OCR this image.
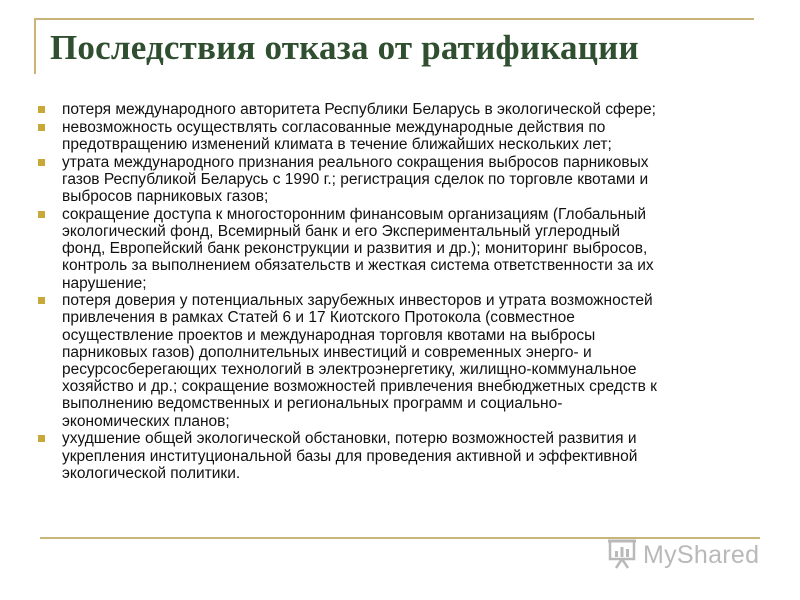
Последствия отказа от ратификации
потеря международного авторитета Республики Беларусь в экологической сфере;
невозможность осуществлять согласованные международные действия по
предотвращению изменений климата в течение ближайших нескольких лет;
утрата международного признания реального сокращения выбросов парниковых
газов Республикой Беларусь с 1990 г.; регистрация сделок по торговле квотами и
выбросов парниковых газов;
сокращение доступа к многосторонним финансовым организациям (Глобальный
экологический фонд, Всемирный банк и его Экспериментальный углеродный
фонд, Европейский банк реконструкции и развития и др.); мониторинг выбросов,
контроль за выполнением обязательств и жесткая система ответственности за их
нарушение;
потеря доверия у потенциальных зарубежных инвесторов и утрата возможностей
привлечения в рамках Статей 6 и 17 Киотского Протокола (совместное
осуществление проектов и международная торговля квотами на выбросы
парниковых газов) дополнительных инвестиций и современных энерго- и
ресурсосберегающих технологий в электроэнергетику, жилищно-коммунальное
хозяйство и др.; сокращение возможностей привлечения внебюджетных средств к
выполнению ведомственных и региональных программ и социально-
экономических планов;
ухудшение общей экологической обстановки, потерю возможностей развития и
укрепления институциональной базы для проведения активной и эффективной
экологической политики.
MyShared
